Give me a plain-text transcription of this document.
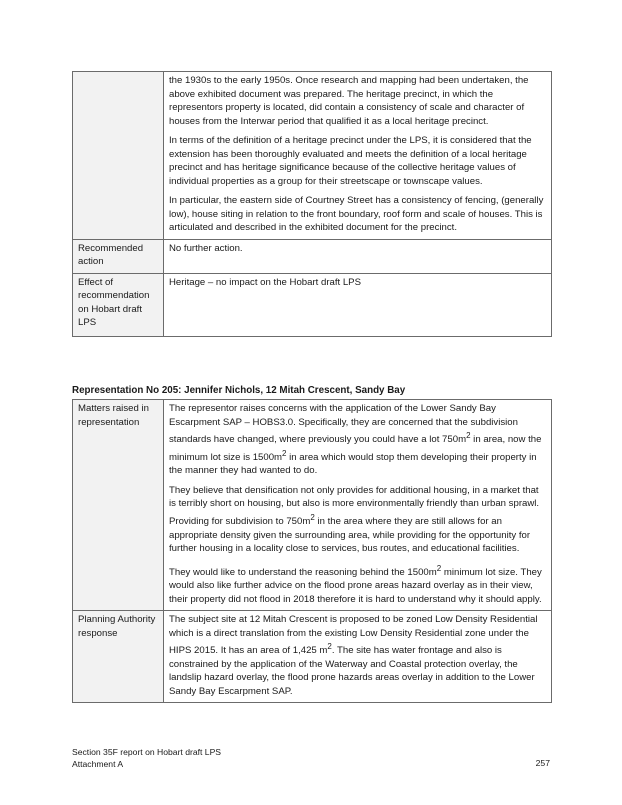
	the 1930s to the early 1950s. Once research and mapping had been undertaken, the above exhibited document was prepared. The heritage precinct, in which the representors property is located, did contain a consistency of scale and character of houses from the Interwar period that qualified it as a local heritage precinct.

In terms of the definition of a heritage precinct under the LPS, it is considered that the extension has been thoroughly evaluated and meets the definition of a local heritage precinct and has heritage significance because of the collective heritage values of individual properties as a group for their streetscape or townscape values.

In particular, the eastern side of Courtney Street has a consistency of fencing, (generally low), house siting in relation to the front boundary, roof form and scale of houses. This is articulated and described in the exhibited document for the precinct.

Recommended action	No further action.
Effect of recommendation on Hobart draft LPS	Heritage – no impact on the Hobart draft LPS

Representation No 205: Jennifer Nichols, 12 Mitah Crescent, Sandy Bay

Matters raised in representation	The representor raises concerns with the application of the Lower Sandy Bay Escarpment SAP – HOBS3.0. Specifically, they are concerned that the subdivision standards have changed, where previously you could have a lot $750m^2$ in area, now the minimum lot size is $1500m^2$ in area which would stop them developing their property in the manner they had wanted to do.

They believe that densification not only provides for additional housing, in a market that is terribly short on housing, but also is more environmentally friendly than urban sprawl. Providing for subdivision to $750m^2$ in the area where they are still allows for an appropriate density given the surrounding area, while providing for the opportunity for further housing in a locality close to services, bus routes, and educational facilities.

They would like to understand the reasoning behind the $1500m^2$ minimum lot size. They would also like further advice on the flood prone areas hazard overlay as in their view, their property did not flood in 2018 therefore it is hard to understand why it should apply.

Planning Authority response	The subject site at 12 Mitah Crescent is proposed to be zoned Low Density Residential which is a direct translation from the existing Low Density Residential zone under the HIPS 2015. It has an area of 1,425 $m^2$. The site has water frontage and also is constrained by the application of the Waterway and Coastal protection overlay, the landslip hazard overlay, the flood prone hazards areas overlay in addition to the Lower Sandy Bay Escarpment SAP.

Section 35F report on Hobart draft LPS
Attachment A	257
